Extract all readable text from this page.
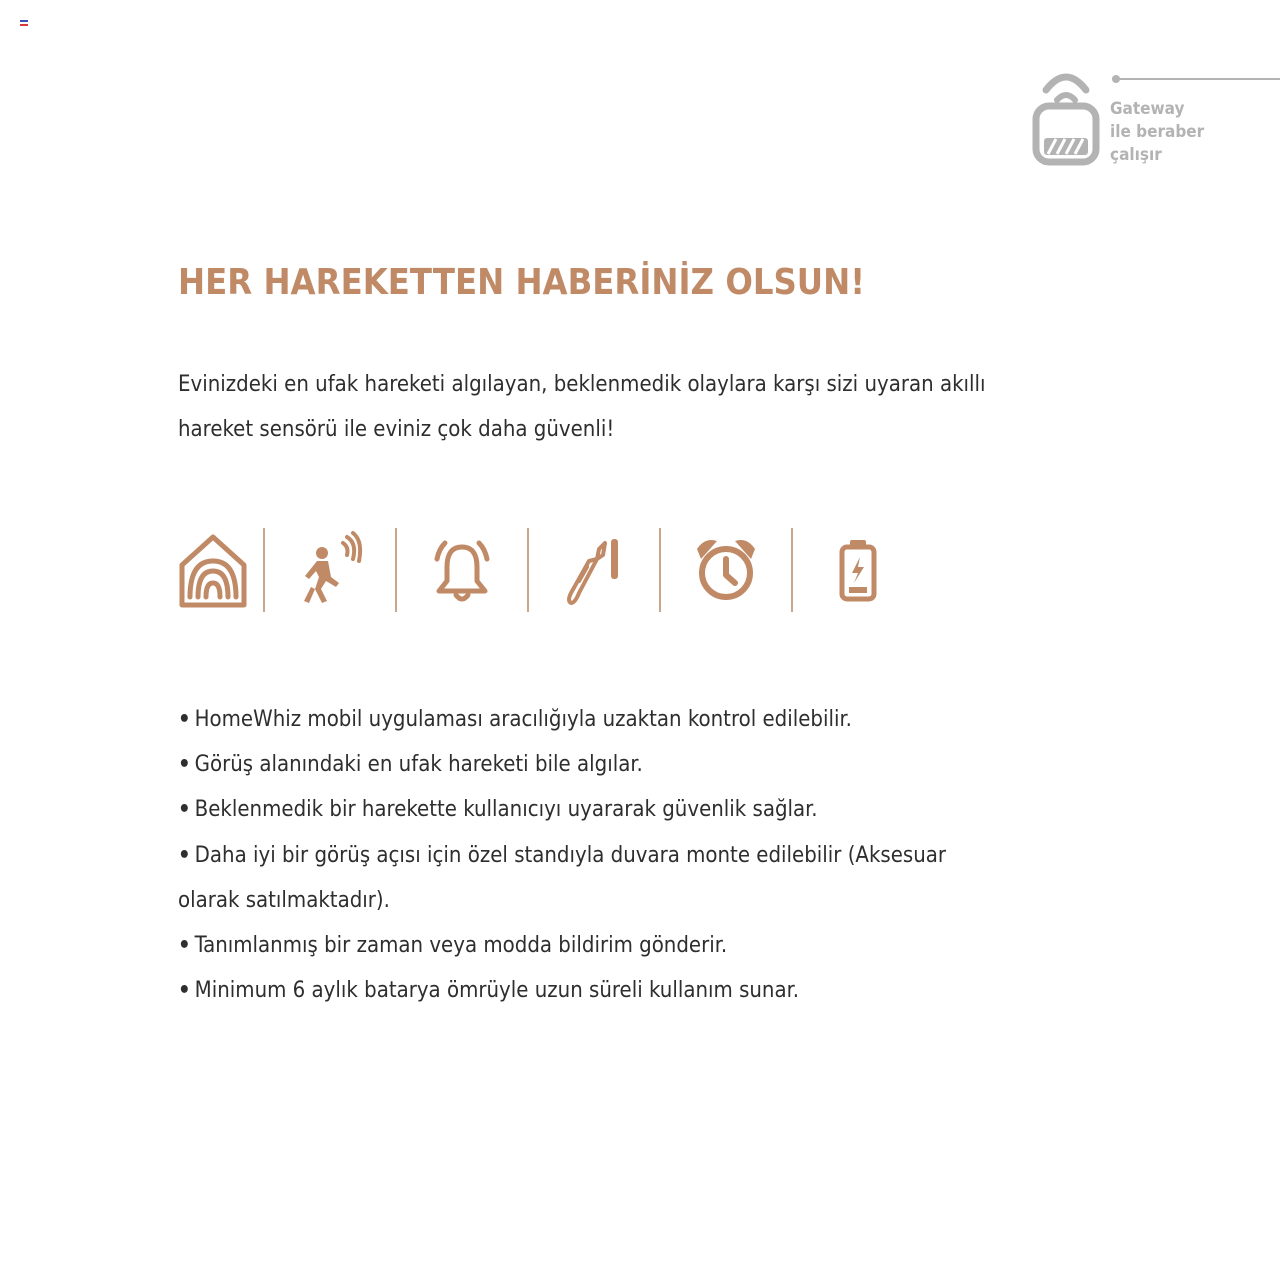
Gateway
ile beraber
çalışır
HER HAREKETTEN HABERİNİZ OLSUN!

Evinizdeki en ufak hareketi algılayan, beklenmedik olaylara karşı sizi uyaran akıllı hareket sensörü ile eviniz çok daha güvenli!

• HomeWhiz mobil uygulaması aracılığıyla uzaktan kontrol edilebilir.
• Görüş alanındaki en ufak hareketi bile algılar.
• Beklenmedik bir harekette kullanıcıyı uyararak güvenlik sağlar.
• Daha iyi bir görüş açısı için özel standıyla duvara monte edilebilir (Aksesuar olarak satılmaktadır).
• Tanımlanmış bir zaman veya modda bildirim gönderir.
• Minimum 6 aylık batarya ömrüyle uzun süreli kullanım sunar.
